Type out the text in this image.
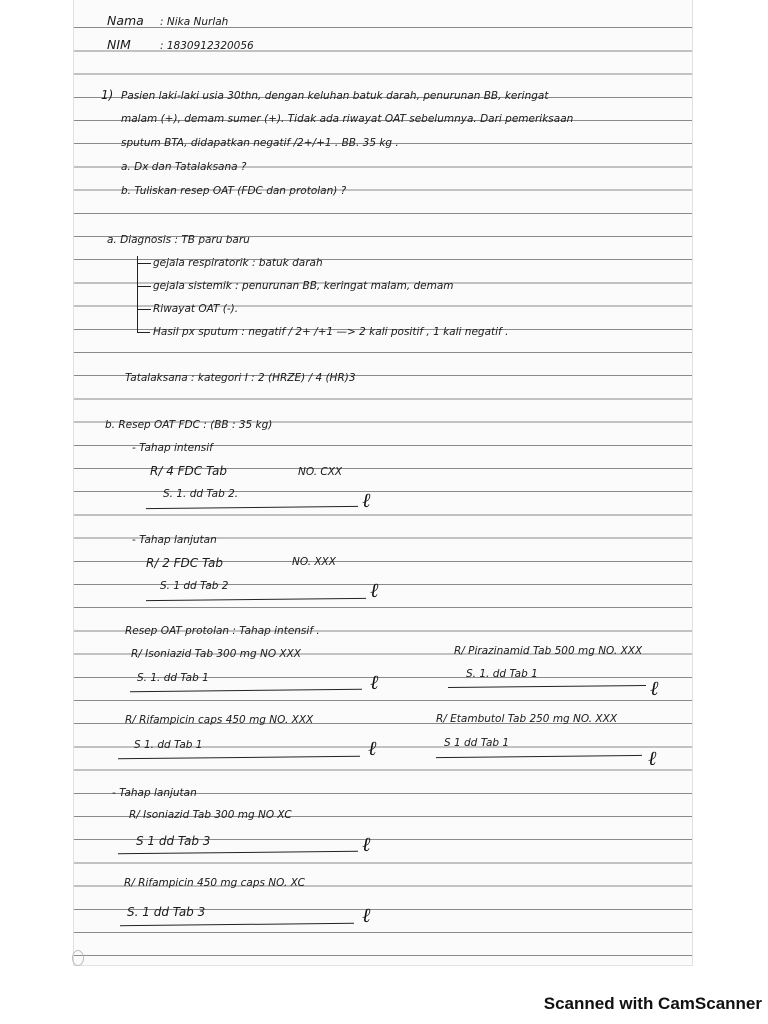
Nama : Nika Nurlah
NIM	: 1830912320056
1) Pasien laki-laki usia 30thn, dengan keluhan batuk darah, penurunan BB, keringat
malam (+), demam sumer (+). Tidak ada riwayat OAT sebelumnya. Dari pemeriksaan
sputum BTA, didapatkan negatif /2+/+1 . BB. 35 kg .
a. Dx dan Tatalaksana ?
b. Tuliskan resep OAT (FDC dan protolan) ?
a. Diagnosis : TB paru baru
gejala respiratorik : batuk darah
gejala sistemik : penurunan BB, keringat malam, demam
Riwayat OAT (-).
Hasil px sputum : negatif / 2+ /+1 —> 2 kali positif , 1 kali negatif .
Tatalaksana : kategori I : 2 (HRZE) / 4 (HR)3
b. Resep OAT FDC : (BB : 35 kg)
- Tahap intensif
R/ 4 FDC Tab	NO. CXX
S. 1. dd Tab 2.	ℓ
- Tahap lanjutan
R/ 2 FDC Tab	NO. XXX
S. 1 dd Tab 2	ℓ
Resep OAT protolan : Tahap intensif .
R/ Isoniazid Tab 300 mg NO XXX
S. 1. dd Tab 1	ℓ
R/ Pirazinamid Tab 500 mg NO. XXX
S. 1. dd Tab 1
ℓ
R/ Rifampicin caps 450 mg NO. XXX
S 1. dd Tab 1	ℓ
R/ Etambutol Tab 250 mg NO. XXX
S 1 dd Tab 1
ℓ
- Tahap lanjutan
R/ Isoniazid Tab 300 mg NO XC
S 1 dd Tab 3	ℓ
R/ Rifampicin 450 mg caps NO. XC
S. 1 dd Tab 3	ℓ
Scanned with CamScanner
